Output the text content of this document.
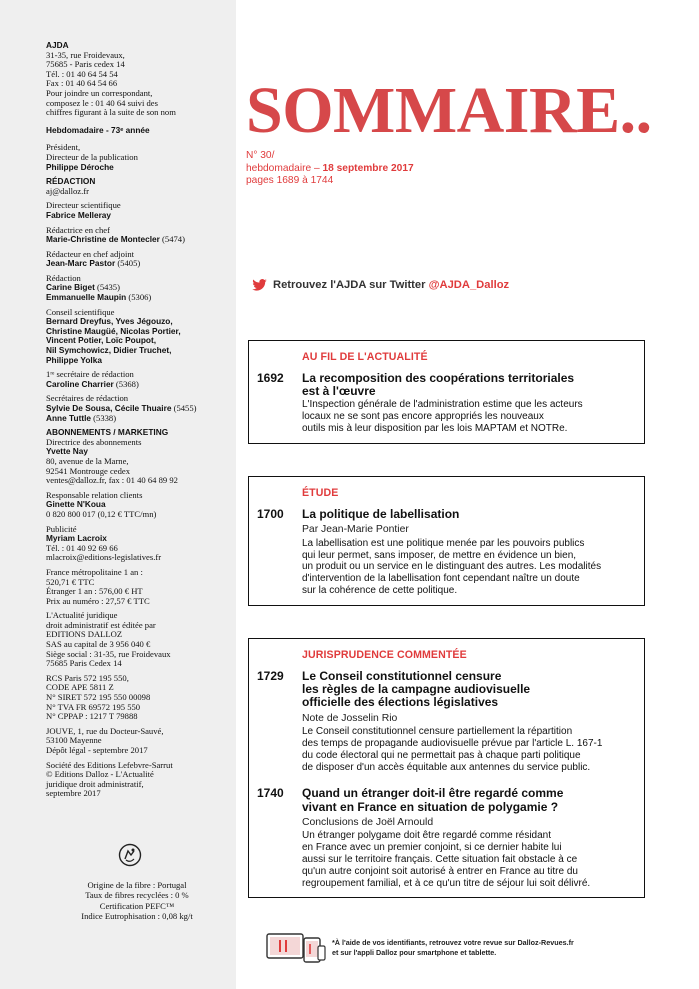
AJDA
31-35, rue Froidevaux,
75685 - Paris cedex 14
Tél. : 01 40 64 54 54
Fax : 01 40 64 54 66
Pour joindre un correspondant,
composez le : 01 40 64 suivi des
chiffres figurant à la suite de son nom
Hebdomadaire - 73ᵉ année
Président,
Directeur de la publication
Philippe Déroche
RÉDACTION
aj@dalloz.fr
Directeur scientifique
Fabrice Melleray
Rédactrice en chef
Marie-Christine de Montecler (5474)
Rédacteur en chef adjoint
Jean-Marc Pastor (5405)
Rédaction
Carine Biget (5435)
Emmanuelle Maupin (5306)
Conseil scientifique
Bernard Dreyfus, Yves Jégouzo,
Christine Maugüé, Nicolas Portier,
Vincent Potier, Loïc Poupot,
Nil Symchowicz, Didier Truchet,
Philippe Yolka
1ʳᵉ secrétaire de rédaction
Caroline Charrier (5368)
Secrétaires de rédaction
Sylvie De Sousa, Cécile Thuaire (5455)
Anne Tuttle (5338)
ABONNEMENTS / MARKETING
Directrice des abonnements
Yvette Nay
80, avenue de la Marne,
92541 Montrouge cedex
ventes@dalloz.fr, fax : 01 40 64 89 92
Responsable relation clients
Ginette N'Koua
0 820 800 017 (0,12 € TTC/mn)
Publicité
Myriam Lacroix
Tél. : 01 40 92 69 66
mlacroix@editions-legislatives.fr
France métropolitaine 1 an :
520,71 € TTC
Étranger 1 an : 576,00 € HT
Prix au numéro : 27,57 € TTC
L'Actualité juridique
droit administratif est éditée par
EDITIONS DALLOZ
SAS au capital de 3 956 040 €
Siège social : 31-35, rue Froidevaux
75685 Paris Cedex 14
RCS Paris 572 195 550,
CODE APE 5811 Z
N° SIRET 572 195 550 00098
N° TVA FR 69572 195 550
N° CPPAP : 1217 T 79888
JOUVE, 1, rue du Docteur-Sauvé,
53100 Mayenne
Dépôt légal - septembre 2017
Société des Editions Lefebvre-Sarrut
© Editions Dalloz - L'Actualité
juridique droit administratif,
septembre 2017
Origine de la fibre : Portugal
Taux de fibres recyclées : 0 %
Certification PEFC™
Indice Eutrophisation : 0,08 kg/t
SOMMAIRE..
N° 30/
hebdomadaire – 18 septembre 2017
pages 1689 à 1744
Retrouvez l'AJDA sur Twitter @AJDA_Dalloz
AU FIL DE L'ACTUALITÉ
1692	La recomposition des coopérations territoriales
est à l'œuvre
L'Inspection générale de l'administration estime que les acteurs
locaux ne se sont pas encore appropriés les nouveaux
outils mis à leur disposition par les lois MAPTAM et NOTRe.
ÉTUDE
1700	La politique de labellisation
Par Jean-Marie Pontier
La labellisation est une politique menée par les pouvoirs publics
qui leur permet, sans imposer, de mettre en évidence un bien,
un produit ou un service en le distinguant des autres. Les modalités
d'intervention de la labellisation font cependant naître un doute
sur la cohérence de cette politique.
JURISPRUDENCE COMMENTÉE
1729	Le Conseil constitutionnel censure
les règles de la campagne audiovisuelle
officielle des élections législatives
Note de Josselin Rio
Le Conseil constitutionnel censure partiellement la répartition
des temps de propagande audiovisuelle prévue par l'article L. 167-1
du code électoral qui ne permettait pas à chaque parti politique
de disposer d'un accès équitable aux antennes du service public.
1740	Quand un étranger doit-il être regardé comme
vivant en France en situation de polygamie ?
Conclusions de Joël Arnould
Un étranger polygame doit être regardé comme résidant
en France avec un premier conjoint, si ce dernier habite lui
aussi sur le territoire français. Cette situation fait obstacle à ce
qu'un autre conjoint soit autorisé à entrer en France au titre du
regroupement familial, et à ce qu'un titre de séjour lui soit délivré.
*À l'aide de vos identifiants, retrouvez votre revue sur Dalloz-Revues.fr
et sur l'appli Dalloz pour smartphone et tablette.
